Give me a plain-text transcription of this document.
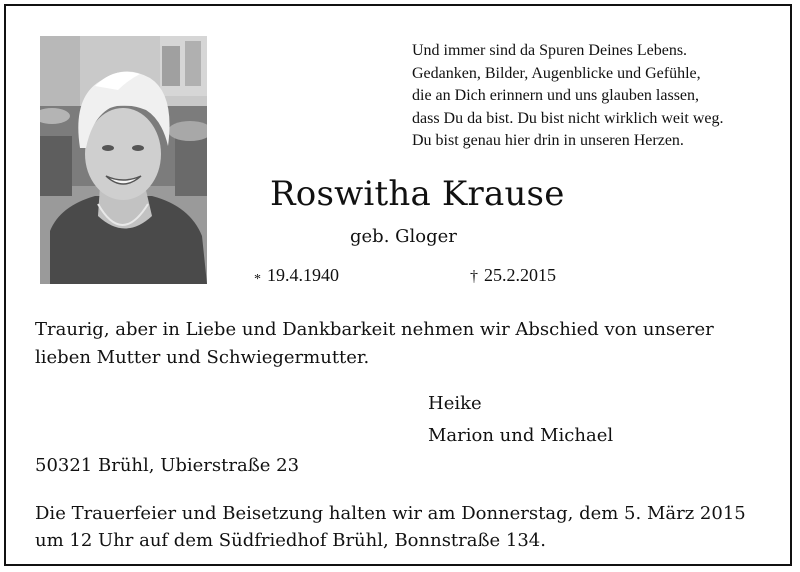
Und immer sind da Spuren Deines Lebens.
Gedanken, Bilder, Augenblicke und Gefühle,
die an Dich erinnern und uns glauben lassen,
dass Du da bist. Du bist nicht wirklich weit weg.
Du bist genau hier drin in unseren Herzen.
Roswitha Krause
geb. Gloger
* 19.4.1940	† 25.2.2015

Traurig, aber in Liebe und Dankbarkeit nehmen wir Abschied von unserer

lieben Mutter und Schwiegermutter.

Heike
Marion und Michael
50321 Brühl, Ubierstraße 23

Die Trauerfeier und Beisetzung halten wir am Donnerstag, dem 5. März 2015

um 12 Uhr auf dem Südfriedhof Brühl, Bonnstraße 134.
